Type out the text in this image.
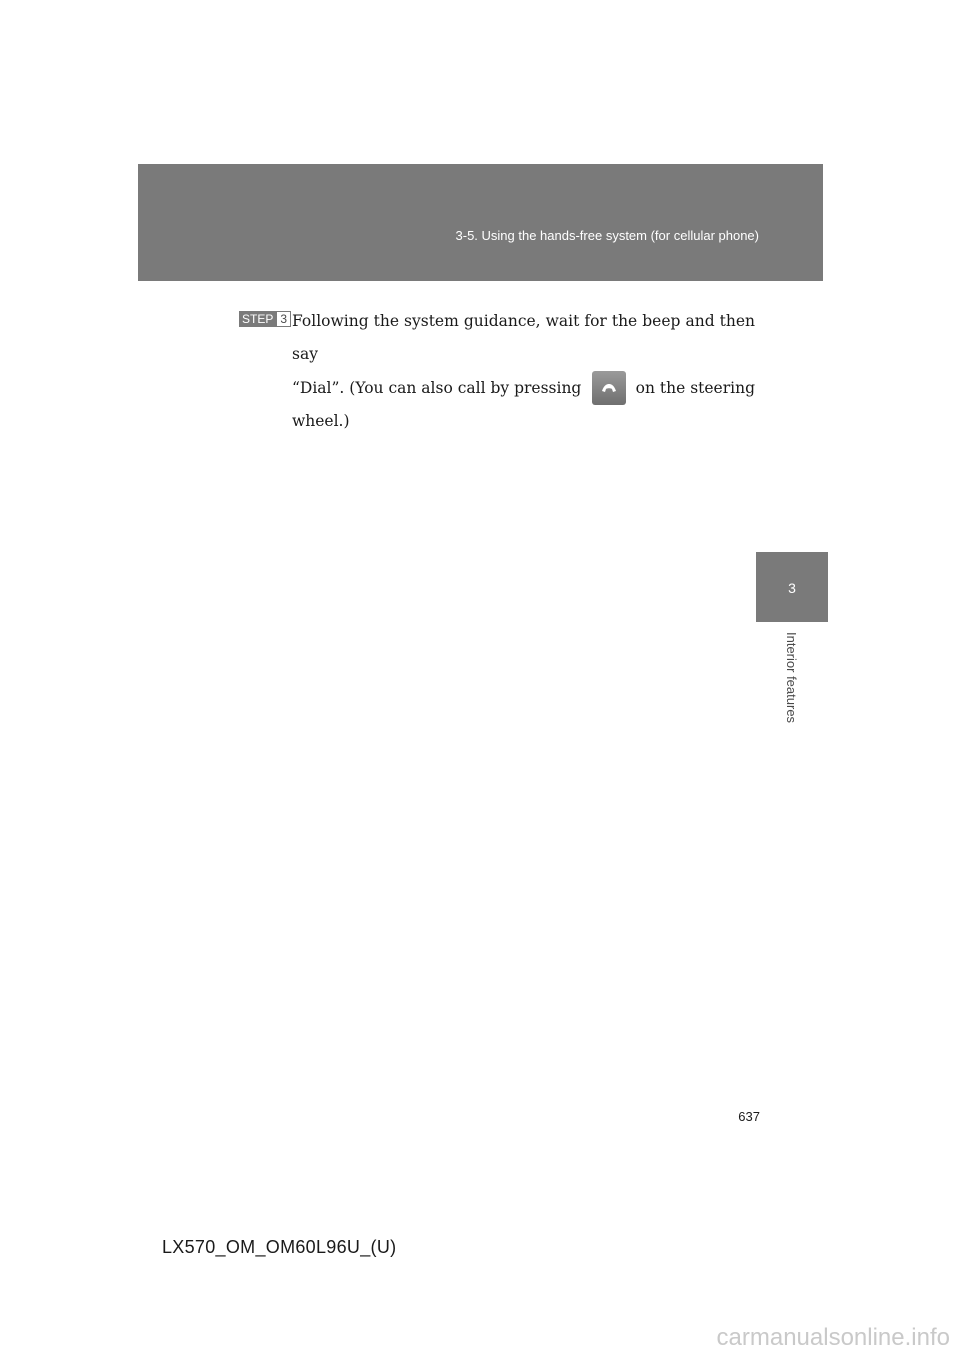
3-5. Using the hands-free system (for cellular phone)
3
Interior features
STEP 3 Following the system guidance, wait for the beep and then say
“Dial”. (You can also call by pressing	on the steering
wheel.)
637
LX570_OM_OM60L96U_(U)
carmanualsonline.info
